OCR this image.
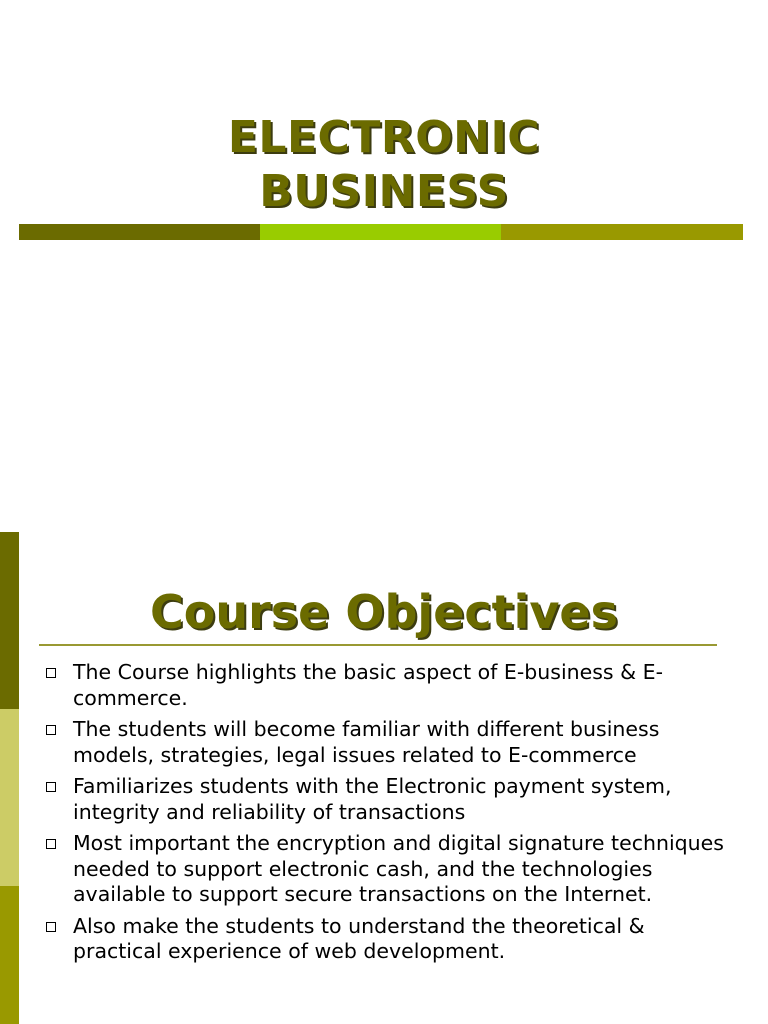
ELECTRONIC
BUSINESS
Course Objectives
The Course highlights the basic aspect of E-business & E-commerce.
The students will become familiar with different business models, strategies, legal issues related to E-commerce
Familiarizes students with the Electronic payment system, integrity and reliability of transactions
Most important the encryption and digital signature techniques needed to support electronic cash, and the technologies available to support secure transactions on the Internet.
Also make the students to understand the theoretical & practical experience of web development.
